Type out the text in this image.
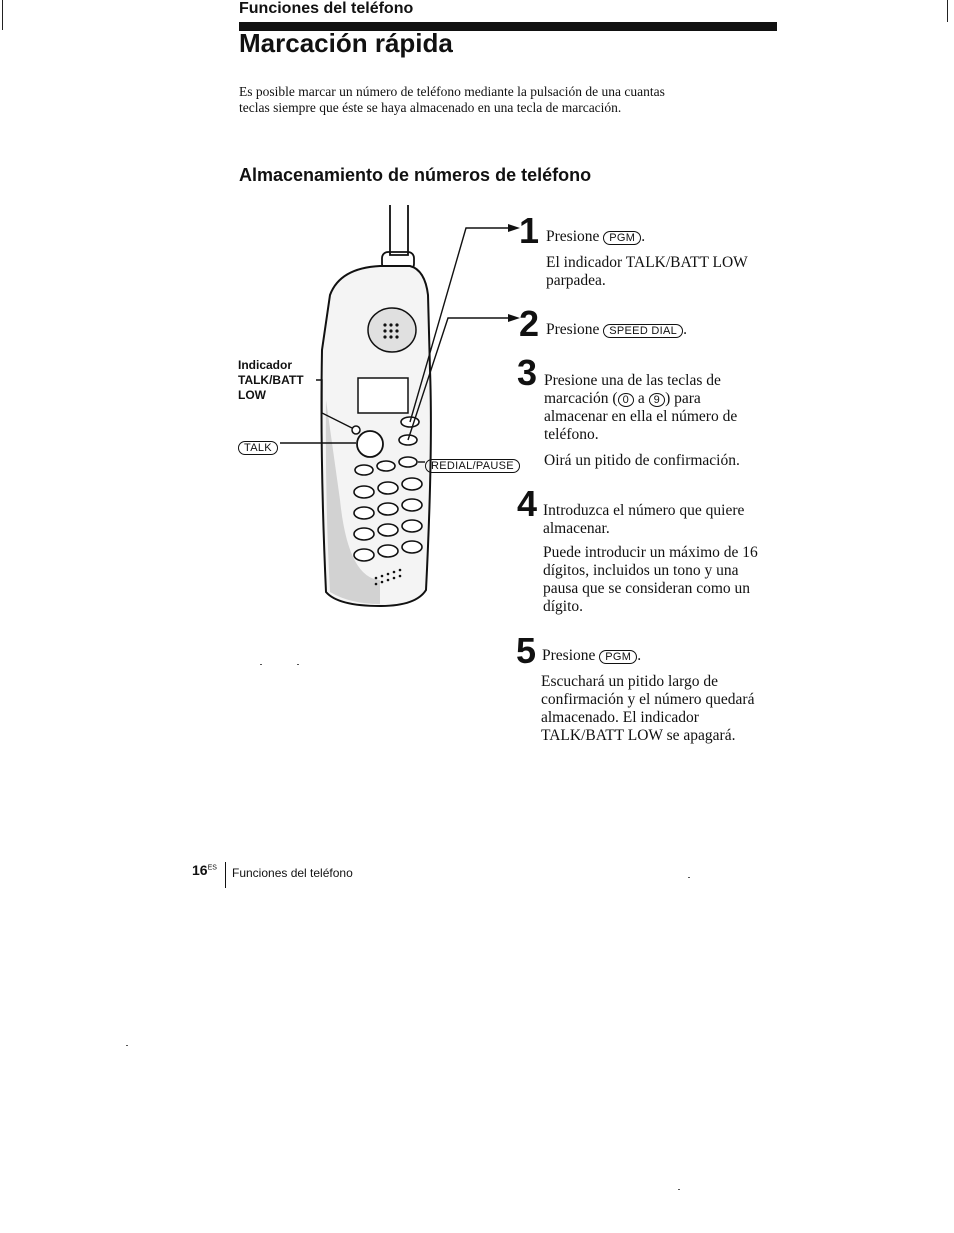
Funciones del teléfono
Marcación rápida

Es posible marcar un número de teléfono mediante la pulsación de una cuantas teclas siempre que éste se haya almacenado en una tecla de marcación.

Almacenamiento de números de teléfono
Indicador TALK/BATT LOW
TALK
REDIAL/PAUSE
1 Presione PGM .

El indicador TALK/BATT LOW parpadea.

2 Presione SPEED DIAL .

3 Presione una de las teclas de marcación ( 0 a 9 ) para almacenar en ella el número de teléfono.

Oirá un pitido de confirmación.

4 Introduzca el número que quiere almacenar.

Puede introducir un máximo de 16 dígitos, incluidos un tono y una pausa que se consideran como un dígito.

5 Presione PGM .

Escuchará un pitido largo de confirmación y el número quedará almacenado. El indicador TALK/BATT LOW se apagará.

$16^{ES}$ Funciones del teléfono
